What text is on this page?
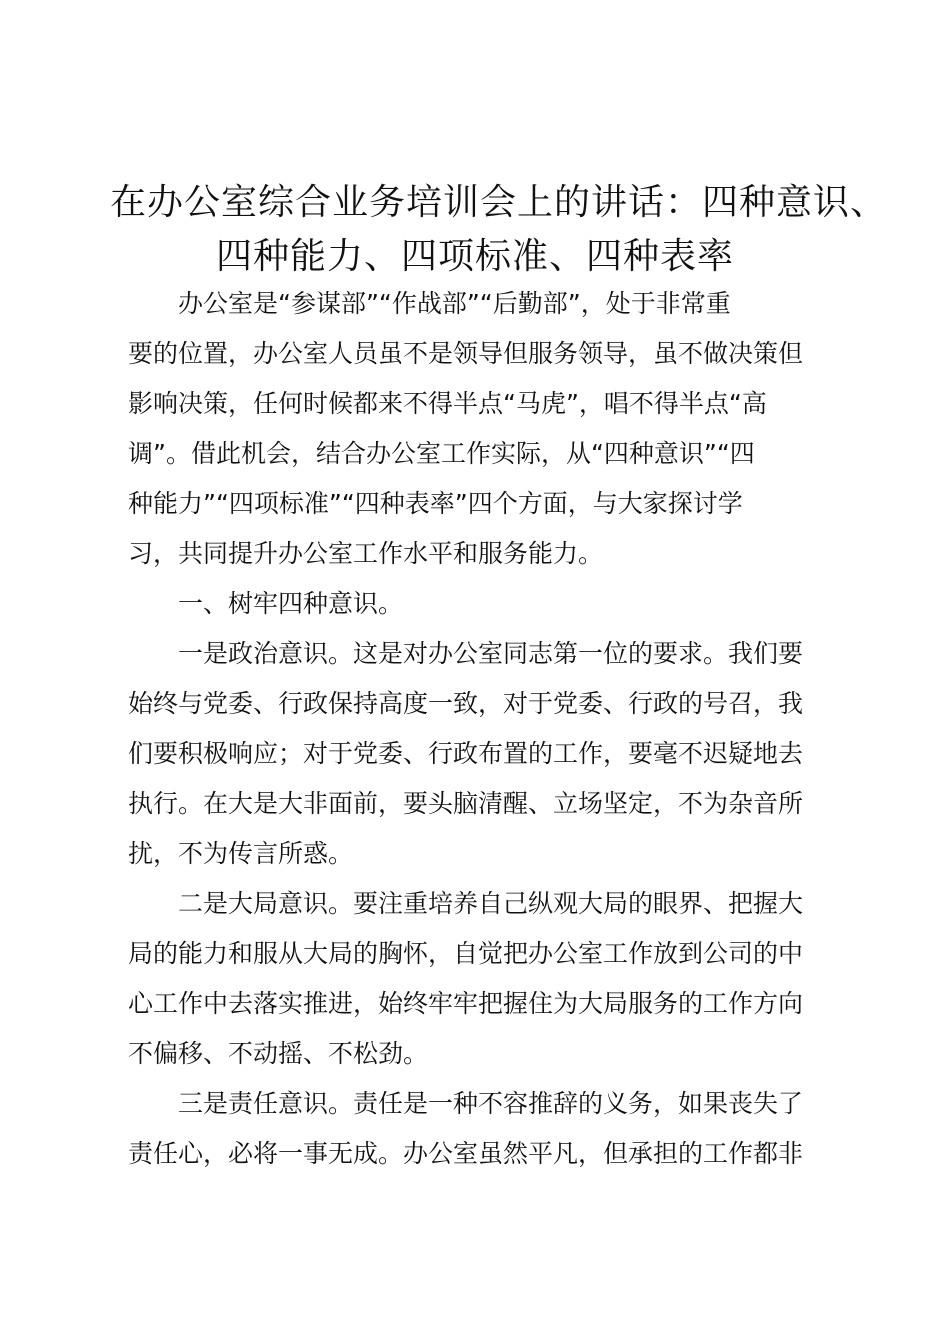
在办公室综合业务培训会上的讲话：四种意识、
四种能力、四项标准、四种表率

办公室是“参谋部”“作战部”“后勤部”，处于非常重
要的位置，办公室人员虽不是领导但服务领导，虽不做决策但
影响决策，任何时候都来不得半点“马虎”，唱不得半点“高
调”。借此机会，结合办公室工作实际，从“四种意识”“四
种能力”“四项标准”“四种表率”四个方面，与大家探讨学
习，共同提升办公室工作水平和服务能力。

一、树牢四种意识。

一是政治意识。这是对办公室同志第一位的要求。我们要
始终与党委、行政保持高度一致，对于党委、行政的号召，我
们要积极响应；对于党委、行政布置的工作，要毫不迟疑地去
执行。在大是大非面前，要头脑清醒、立场坚定，不为杂音所
扰，不为传言所惑。

二是大局意识。要注重培养自己纵观大局的眼界、把握大
局的能力和服从大局的胸怀，自觉把办公室工作放到公司的中
心工作中去落实推进，始终牢牢把握住为大局服务的工作方向
不偏移、不动摇、不松劲。

三是责任意识。责任是一种不容推辞的义务，如果丧失了
责任心，必将一事无成。办公室虽然平凡，但承担的工作都非
